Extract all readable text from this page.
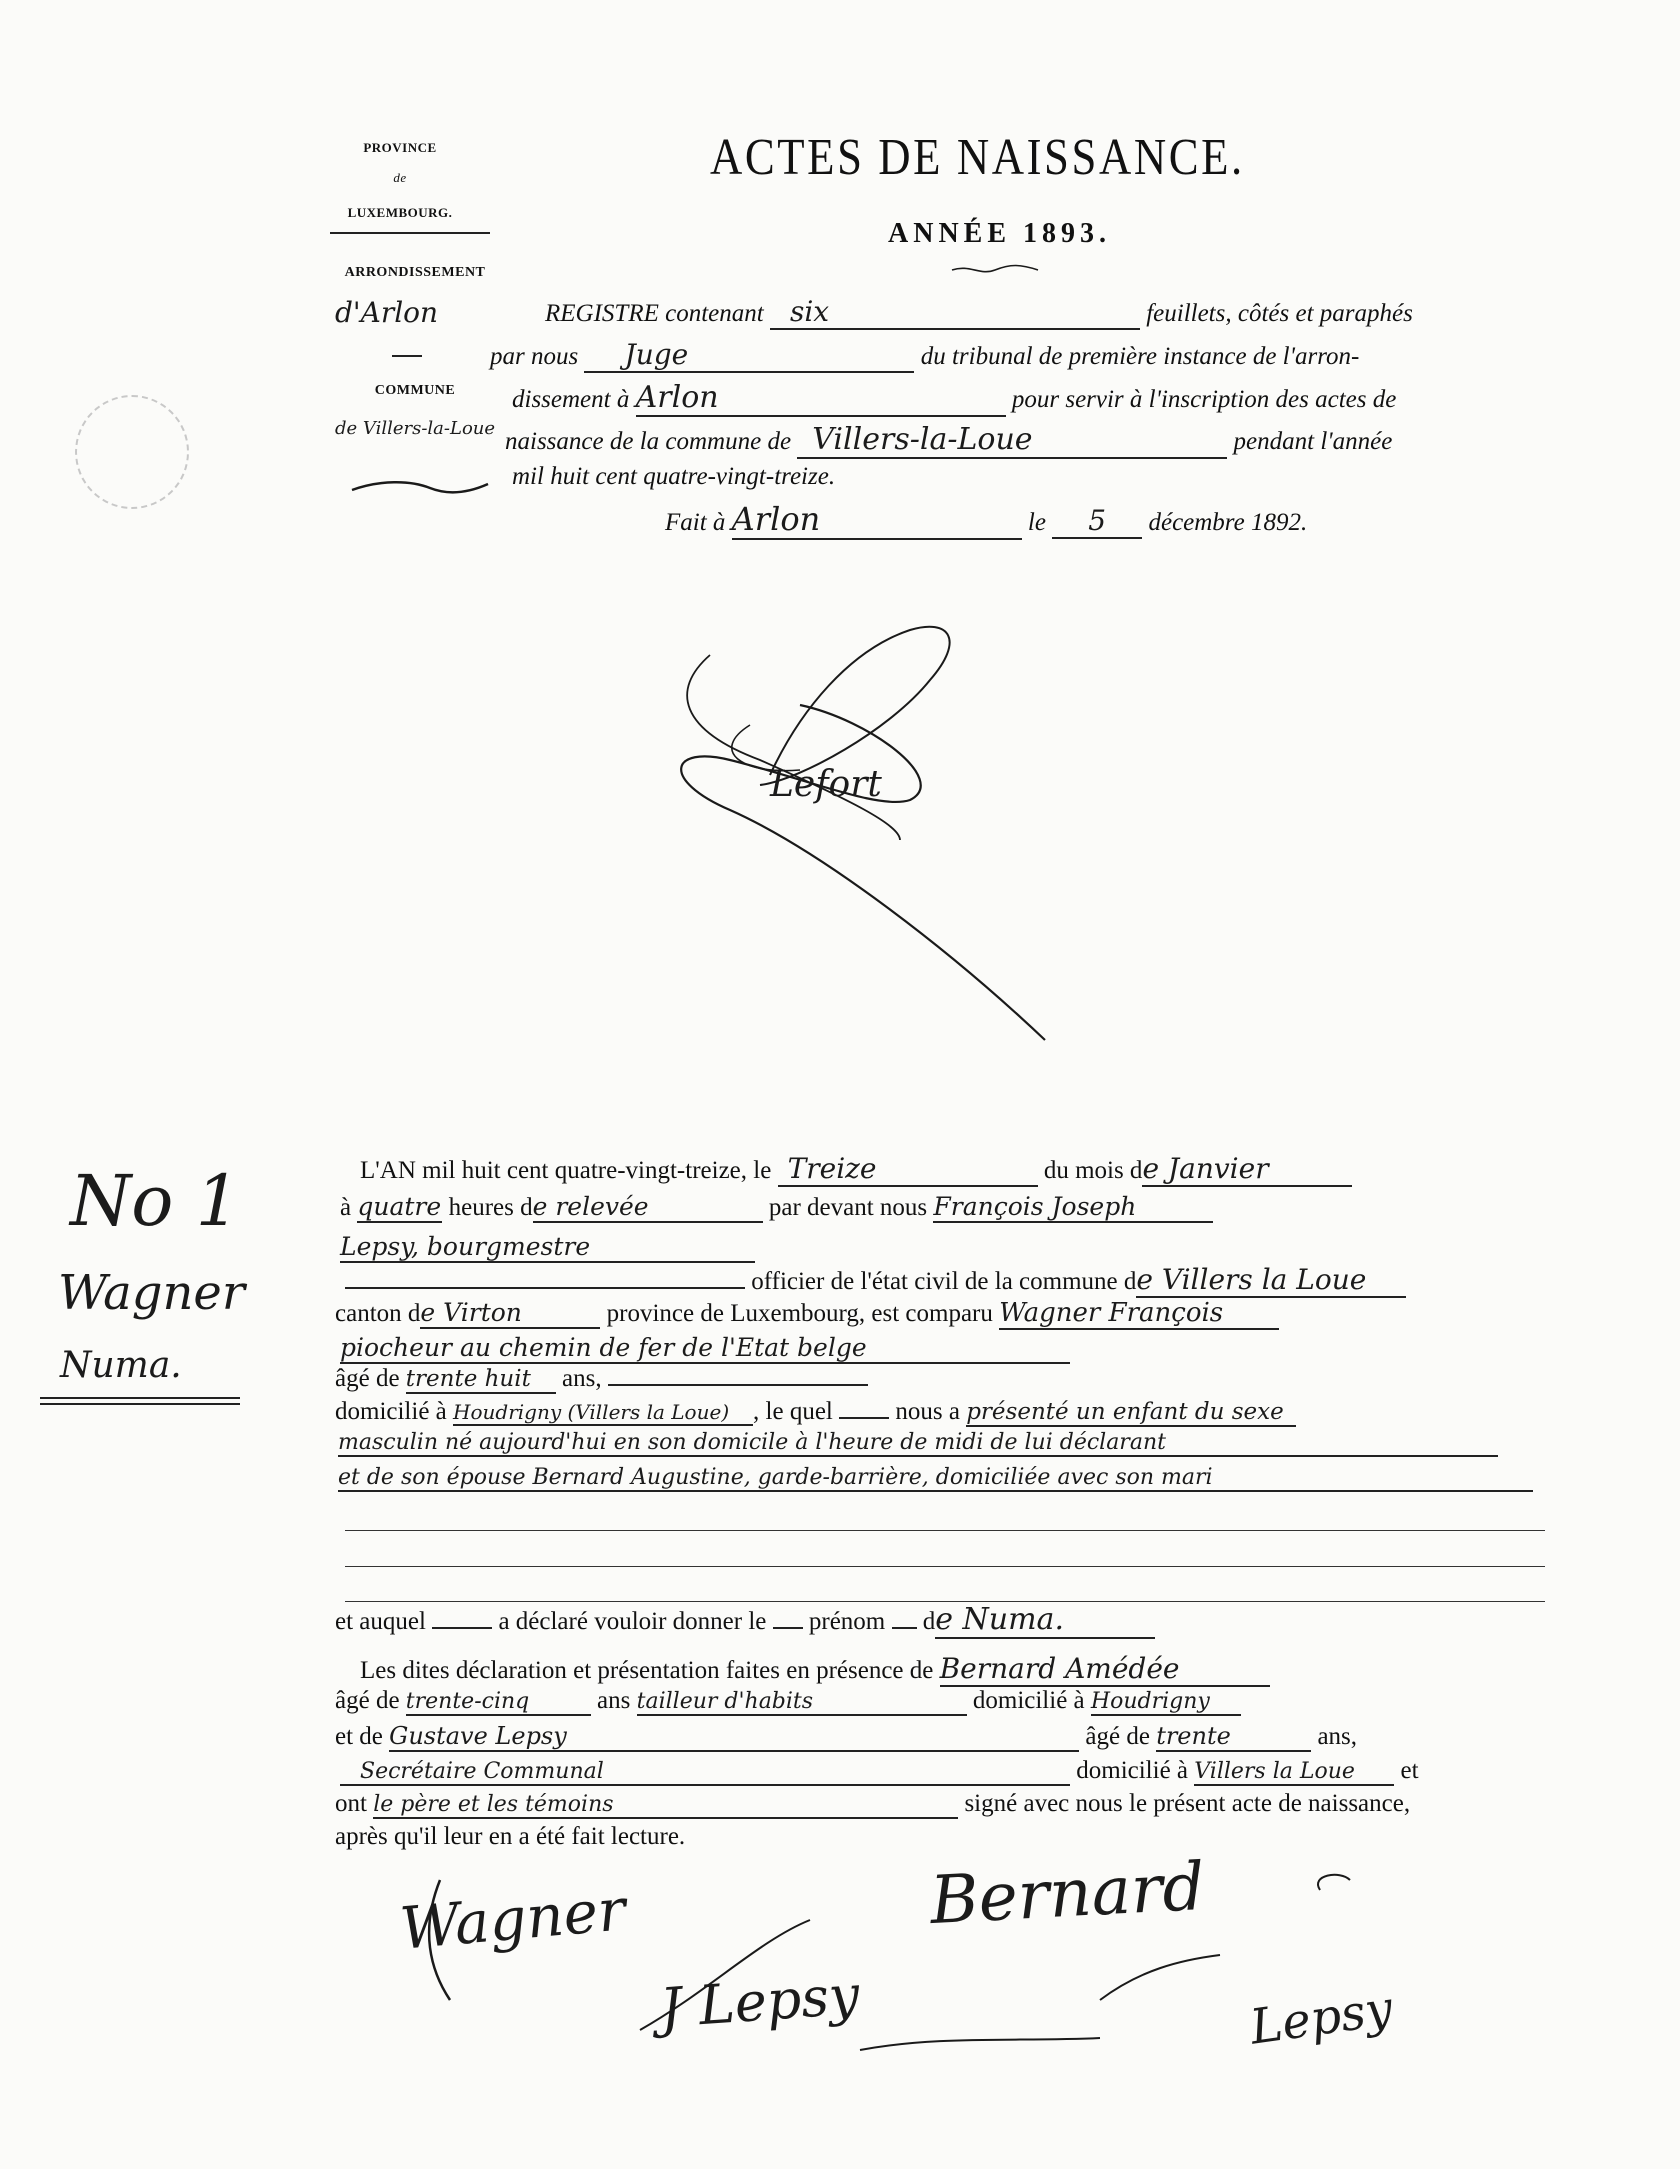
PROVINCE
de
LUXEMBOURG.
ARRONDISSEMENT
d'Arlon
COMMUNE
de Villers-la-Loue
ACTES DE NAISSANCE.
ANNÉE 1893.
REGISTRE contenant six	feuillets, côtés et paraphés
par nous Juge	du tribunal de première instance de l'arron-
dissement à Arlon	pour servir à l'inscription des actes de
naissance de la commune de Villers-la-Loue	pendant l'année
mil huit cent quatre-vingt-treize.
Fait à Arlon	le 5 décembre 1892.
Lefort
No 1
Wagner
Numa.
L'AN mil huit cent quatre-vingt-treize, le Treize	du mois de Janvier
à quatre heures de relevée	par devant nous François Joseph
Lepsy, bourgmestre
officier de l'état civil de la commune de Villers la Loue
canton de Virton	province de Luxembourg, est comparu Wagner François
piocheur au chemin de fer de l'Etat belge
âgé de trente huit ans,
domicilié à Houdrigny (Villers la Loue) , le quel	nous a présenté un enfant du sexe
masculin né aujourd'hui en son domicile à l'heure de midi de lui déclarant
et de son épouse Bernard Augustine, garde-barrière, domiciliée avec son mari
et auquel	a déclaré vouloir donner le prénom de Numa.
Les dites déclaration et présentation faites en présence de Bernard Amédée
âgé de trente-cinq	ans tailleur d'habits	domicilié à Houdrigny
et de Gustave Lepsy	âgé de trente	ans,
Secrétaire Communal	domicilié à Villers la Loue et
ont le père et les témoins	signé avec nous le présent acte de naissance,
après qu'il leur en a été fait lecture.
Wagner	Bernard
J Lepsy	Lepsy
